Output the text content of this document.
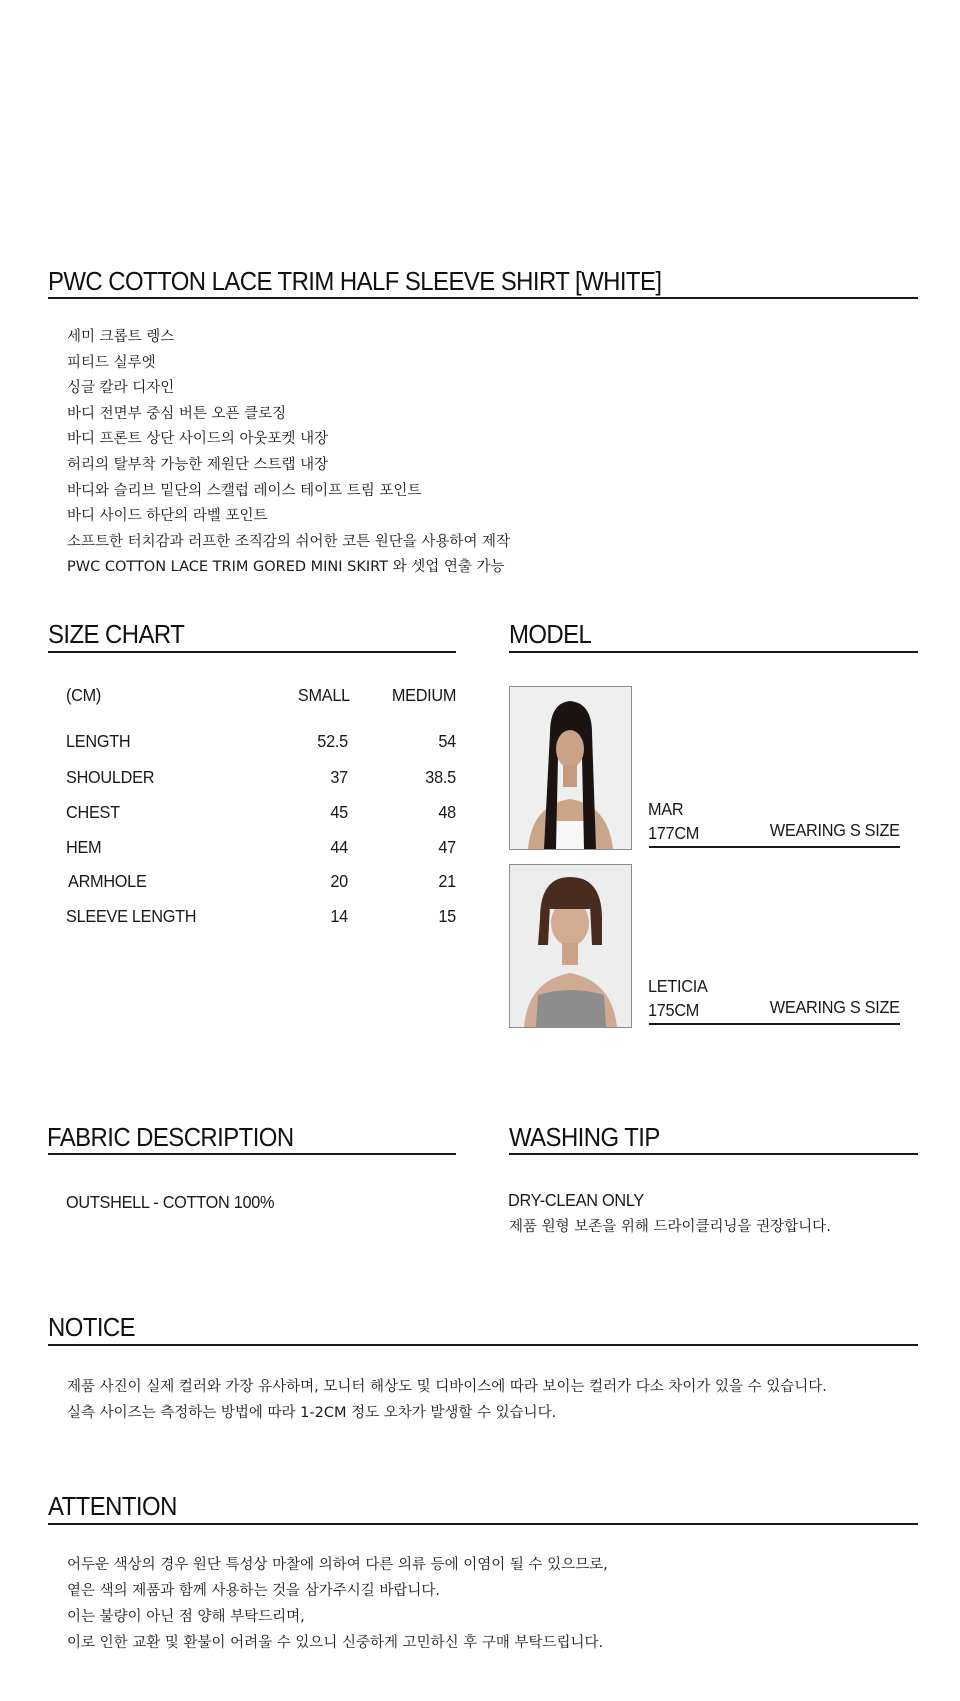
PWC COTTON LACE TRIM HALF SLEEVE SHIRT [WHITE]
세미 크롭트 렝스
피티드 실루엣
싱글 칼라 디자인
바디 전면부 중심 버튼 오픈 클로징
바디 프론트 상단 사이드의 아웃포켓 내장
허리의 탈부착 가능한 제원단 스트랩 내장
바디와 슬리브 밑단의 스캘럽 레이스 테이프 트림 포인트
바디 사이드 하단의 라벨 포인트
소프트한 터치감과 러프한 조직감의 쉬어한 코튼 원단을 사용하여 제작
PWC COTTON LACE TRIM GORED MINI SKIRT 와 셋업 연출 가능
SIZE CHART
(CM)	SMALL MEDIUM
LENGTH	52.5	54
SHOULDER	37	38.5
CHEST	45	48
HEM	44	47
ARMHOLE	20	21
SLEEVE LENGTH	14	15
MODEL
MAR
177CM	WEARING S SIZE
LETICIA
175CM	WEARING S SIZE
FABRIC DESCRIPTION
OUTSHELL - COTTON 100%
WASHING TIP
DRY-CLEAN ONLY
제품 원형 보존을 위해 드라이클리닝을 권장합니다.
NOTICE
제품 사진이 실제 컬러와 가장 유사하며, 모니터 해상도 및 디바이스에 따라 보이는 컬러가 다소 차이가 있을 수 있습니다.
실측 사이즈는 측정하는 방법에 따라 1-2CM 정도 오차가 발생할 수 있습니다.
ATTENTION
어두운 색상의 경우 원단 특성상 마찰에 의하여 다른 의류 등에 이염이 될 수 있으므로,
옅은 색의 제품과 함께 사용하는 것을 삼가주시길 바랍니다.
이는 불량이 아닌 점 양해 부탁드리며,
이로 인한 교환 및 환불이 어려울 수 있으니 신중하게 고민하신 후 구매 부탁드립니다.
